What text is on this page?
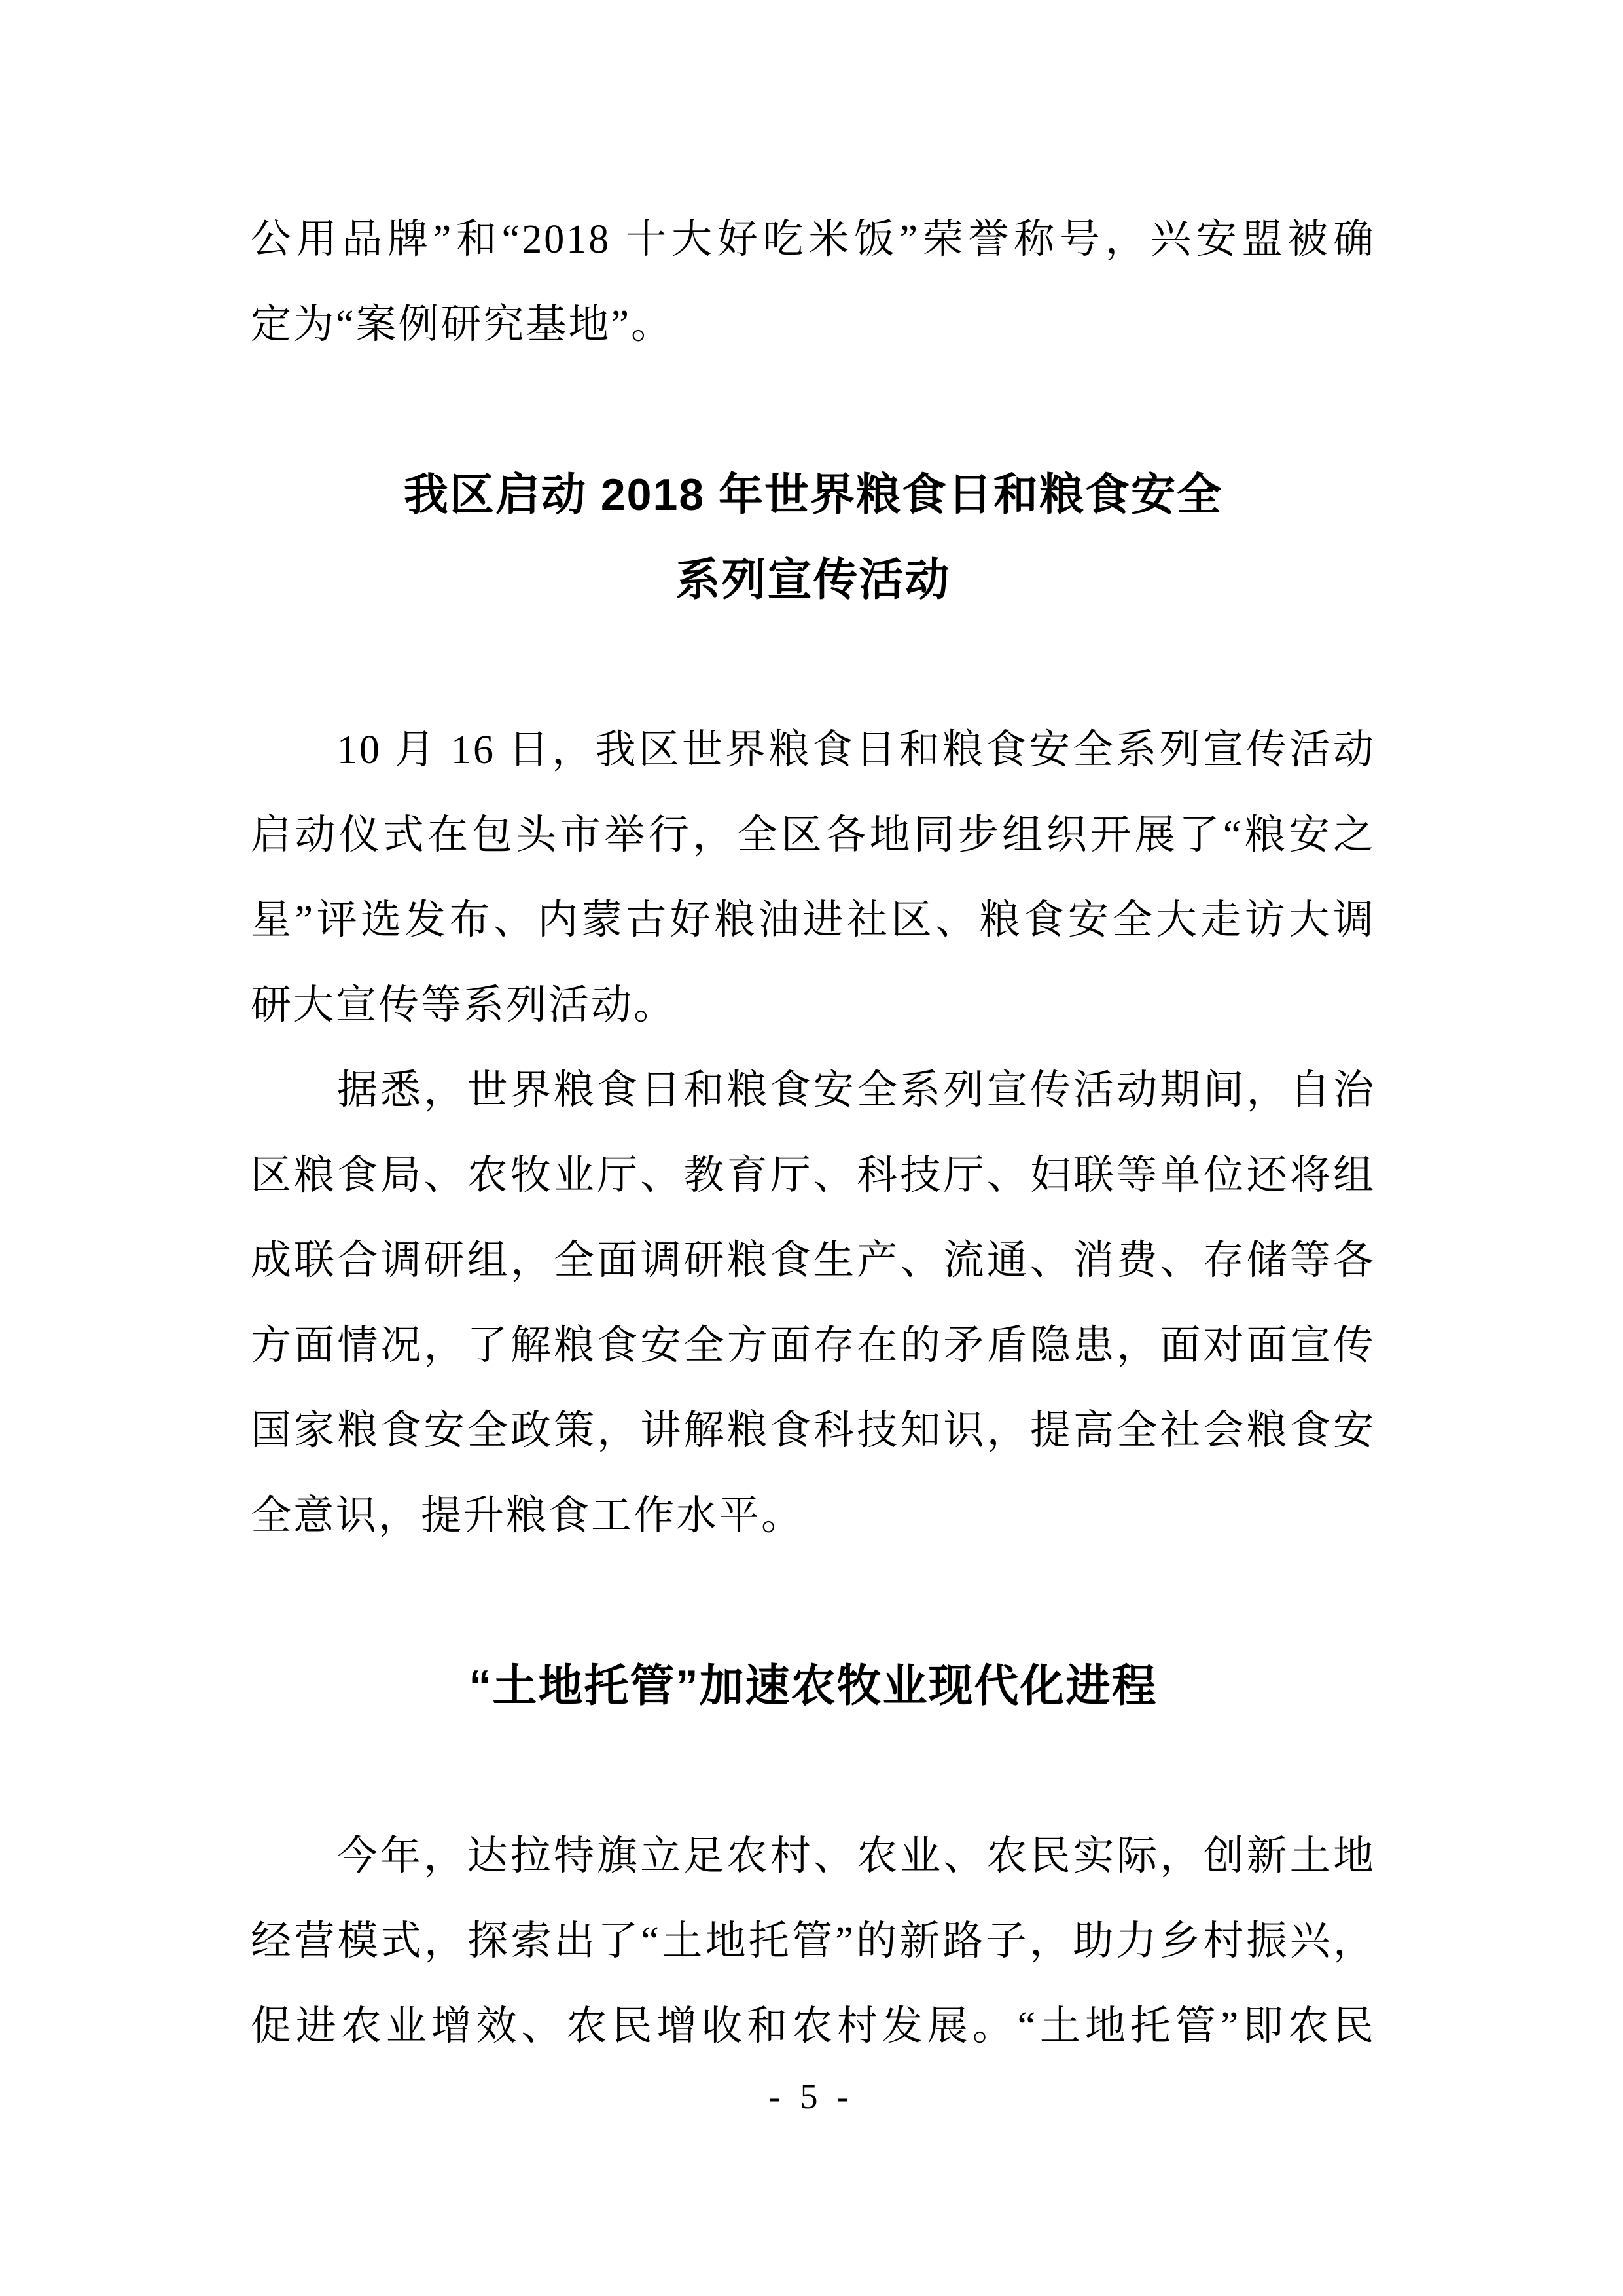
公用品牌”和“2018 十大好吃米饭”荣誉称号，兴安盟被确
定为“案例研究基地”。
我区启动 2018 年世界粮食日和粮食安全
系列宣传活动
10 月 16 日，我区世界粮食日和粮食安全系列宣传活动
启动仪式在包头市举行，全区各地同步组织开展了“粮安之
星”评选发布、内蒙古好粮油进社区、粮食安全大走访大调
研大宣传等系列活动。
据悉，世界粮食日和粮食安全系列宣传活动期间，自治
区粮食局、农牧业厅、教育厅、科技厅、妇联等单位还将组
成联合调研组，全面调研粮食生产、流通、消费、存储等各
方面情况，了解粮食安全方面存在的矛盾隐患，面对面宣传
国家粮食安全政策，讲解粮食科技知识，提高全社会粮食安
全意识，提升粮食工作水平。
“土地托管”加速农牧业现代化进程
今年，达拉特旗立足农村、农业、农民实际，创新土地
经营模式，探索出了“土地托管”的新路子，助力乡村振兴，
促进农业增效、农民增收和农村发展。“土地托管”即农民
- 5 -
